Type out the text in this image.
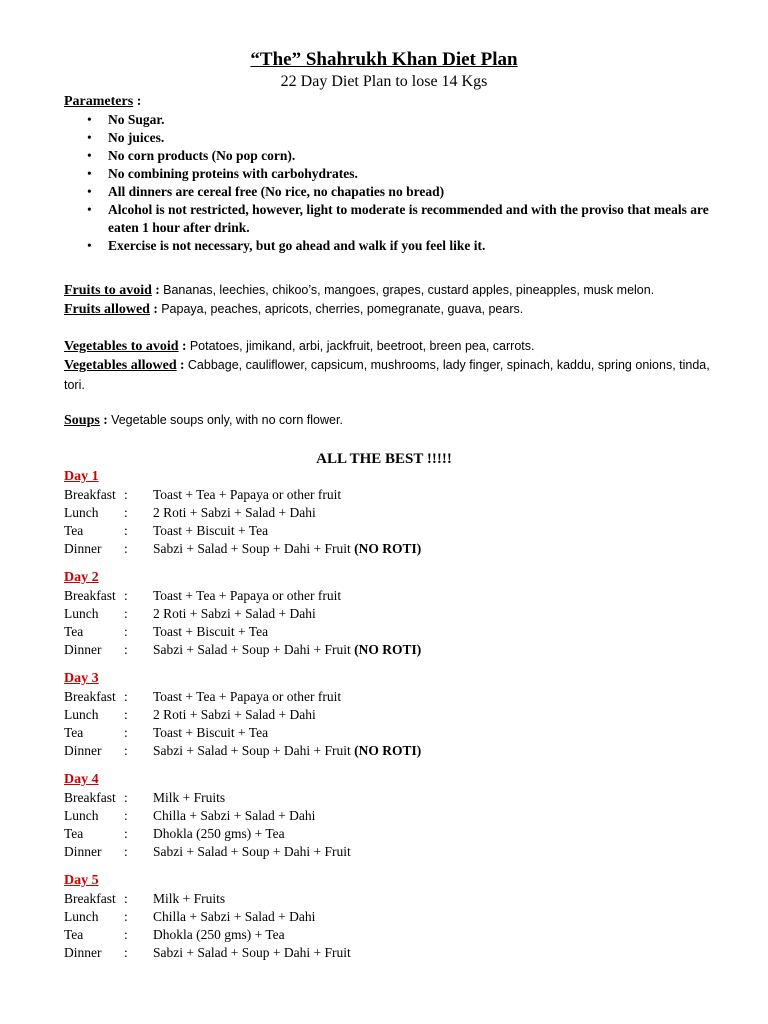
“The” Shahrukh Khan Diet Plan
22 Day Diet Plan to lose 14 Kgs
Parameters :
• No Sugar.
• No juices.
• No corn products (No pop corn).
• No combining proteins with carbohydrates.
• All dinners are cereal free (No rice, no chapaties no bread)
• Alcohol is not restricted, however, light to moderate is recommended and with the proviso that meals are eaten 1 hour after drink.
• Exercise is not necessary, but go ahead and walk if you feel like it.
Fruits to avoid : Bananas, leechies, chikoo’s, mangoes, grapes, custard apples, pineapples, musk melon.
Fruits allowed : Papaya, peaches, apricots, cherries, pomegranate, guava, pears.
Vegetables to avoid : Potatoes, jimikand, arbi, jackfruit, beetroot, breen pea, carrots.
Vegetables allowed : Cabbage, cauliflower, capsicum, mushrooms, lady finger, spinach, kaddu, spring onions, tinda, tori.
Soups : Vegetable soups only, with no corn flower.
ALL THE BEST !!!!!
Day 1
Breakfast : Toast + Tea + Papaya or other fruit
Lunch : 2 Roti + Sabzi + Salad + Dahi
Tea	: Toast + Biscuit + Tea
Dinner : Sabzi + Salad + Soup + Dahi + Fruit (NO ROTI)
Day 2
Breakfast : Toast + Tea + Papaya or other fruit
Lunch : 2 Roti + Sabzi + Salad + Dahi
Tea	: Toast + Biscuit + Tea
Dinner : Sabzi + Salad + Soup + Dahi + Fruit (NO ROTI)
Day 3
Breakfast : Toast + Tea + Papaya or other fruit
Lunch : 2 Roti + Sabzi + Salad + Dahi
Tea	: Toast + Biscuit + Tea
Dinner : Sabzi + Salad + Soup + Dahi + Fruit (NO ROTI)
Day 4
Breakfast : Milk + Fruits
Lunch : Chilla + Sabzi + Salad + Dahi
Tea	: Dhokla (250 gms) + Tea
Dinner : Sabzi + Salad + Soup + Dahi + Fruit
Day 5
Breakfast : Milk + Fruits
Lunch : Chilla + Sabzi + Salad + Dahi
Tea	: Dhokla (250 gms) + Tea
Dinner : Sabzi + Salad + Soup + Dahi + Fruit
